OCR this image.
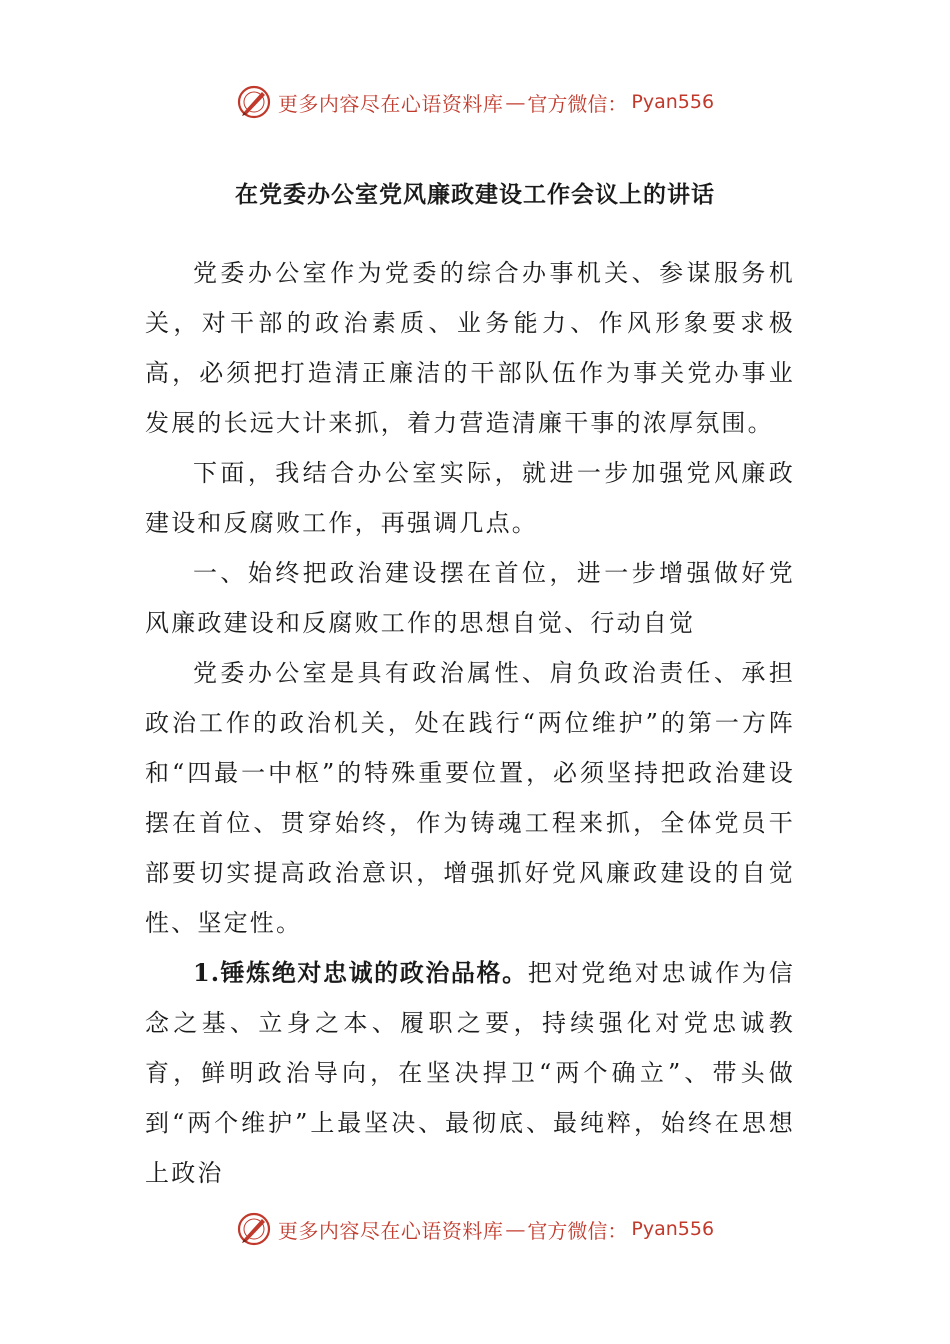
更多内容尽在心语资料库 — 官方微信： Pyan556
在党委办公室党风廉政建设工作会议上的讲话

党委办公室作为党委的综合办事机关、参谋服务机关，对干部的政治素质、业务能力、作风形象要求极高，必须把打造清正廉洁的干部队伍作为事关党办事业发展的长远大计来抓，着力营造清廉干事的浓厚氛围。

下面，我结合办公室实际，就进一步加强党风廉政建设和反腐败工作，再强调几点。

一、始终把政治建设摆在首位，进一步增强做好党风廉政建设和反腐败工作的思想自觉、行动自觉

党委办公室是具有政治属性、肩负政治责任、承担政治工作的政治机关，处在践行“两位维护”的第一方阵和“四最一中枢”的特殊重要位置，必须坚持把政治建设摆在首位、贯穿始终，作为铸魂工程来抓，全体党员干部要切实提高政治意识，增强抓好党风廉政建设的自觉性、坚定性。

1.锤炼绝对忠诚的政治品格。把对党绝对忠诚作为信念之基、立身之本、履职之要，持续强化对党忠诚教育，鲜明政治导向，在坚决捍卫“两个确立”、带头做到“两个维护”上最坚决、最彻底、最纯粹，始终在思想上政治

更多内容尽在心语资料库 — 官方微信： Pyan556
